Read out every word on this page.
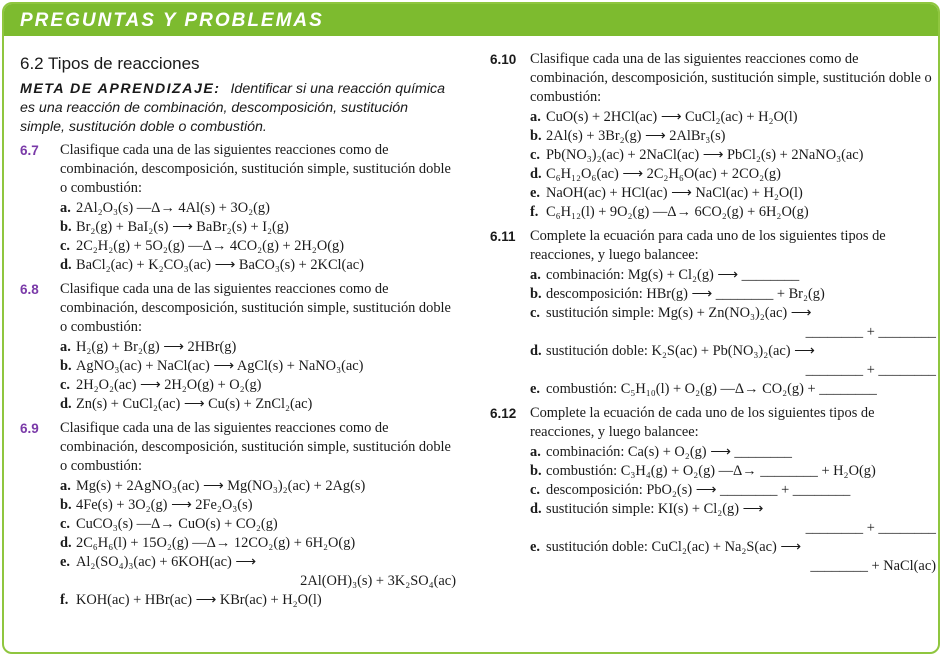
PREGUNTAS Y PROBLEMAS
6.2 Tipos de reacciones
META DE APRENDIZAJE: Identificar si una reacción química es una reacción de combinación, descomposición, sustitución simple, sustitución doble o combustión.
6.7 Clasifique cada una de las siguientes reacciones como de combinación, descomposición, sustitución simple, sustitución doble o combustión:
a. 2Al₂O₃(s) —Δ→ 4Al(s) + 3O₂(g)
b. Br₂(g) + BaI₂(s) ⟶ BaBr₂(s) + I₂(g)
c. 2C₂H₂(g) + 5O₂(g) —Δ→ 4CO₂(g) + 2H₂O(g)
d. BaCl₂(ac) + K₂CO₃(ac) ⟶ BaCO₃(s) + 2KCl(ac)
6.8 Clasifique cada una de las siguientes reacciones como de combinación, descomposición, sustitución simple, sustitución doble o combustión:
a. H₂(g) + Br₂(g) ⟶ 2HBr(g)
b. AgNO₃(ac) + NaCl(ac) ⟶ AgCl(s) + NaNO₃(ac)
c. 2H₂O₂(ac) ⟶ 2H₂O(g) + O₂(g)
d. Zn(s) + CuCl₂(ac) ⟶ Cu(s) + ZnCl₂(ac)
6.9 Clasifique cada una de las siguientes reacciones como de combinación, descomposición, sustitución simple, sustitución doble o combustión:
a. Mg(s) + 2AgNO₃(ac) ⟶ Mg(NO₃)₂(ac) + 2Ag(s)
b. 4Fe(s) + 3O₂(g) ⟶ 2Fe₂O₃(s)
c. CuCO₃(s) —Δ→ CuO(s) + CO₂(g)
d. 2C₆H₆(l) + 15O₂(g) —Δ→ 12CO₂(g) + 6H₂O(g)
e. Al₂(SO₄)₃(ac) + 6KOH(ac) ⟶
2Al(OH)₃(s) + 3K₂SO₄(ac)
f. KOH(ac) + HBr(ac) ⟶ KBr(ac) + H₂O(l)
6.10 Clasifique cada una de las siguientes reacciones como de combinación, descomposición, sustitución simple, sustitución doble o combustión:
a. CuO(s) + 2HCl(ac) ⟶ CuCl₂(ac) + H₂O(l)
b. 2Al(s) + 3Br₂(g) ⟶ 2AlBr₃(s)
c. Pb(NO₃)₂(ac) + 2NaCl(ac) ⟶ PbCl₂(s) + 2NaNO₃(ac)
d. C₆H₁₂O₆(ac) ⟶ 2C₂H₆O(ac) + 2CO₂(g)
e. NaOH(ac) + HCl(ac) ⟶ NaCl(ac) + H₂O(l)
f. C₆H₁₂(l) + 9O₂(g) —Δ→ 6CO₂(g) + 6H₂O(g)
6.11 Complete la ecuación para cada uno de los siguientes tipos de reacciones, y luego balancee:
a. combinación: Mg(s) + Cl₂(g) ⟶ ________
b. descomposición: HBr(g) ⟶ ________ + Br₂(g)
c. sustitución simple: Mg(s) + Zn(NO₃)₂(ac) ⟶
________ + ________
d. sustitución doble: K₂S(ac) + Pb(NO₃)₂(ac) ⟶
________ + ________
e. combustión: C₅H₁₀(l) + O₂(g) —Δ→ CO₂(g) + ________
6.12 Complete la ecuación de cada uno de los siguientes tipos de reacciones, y luego balancee:
a. combinación: Ca(s) + O₂(g) ⟶ ________
b. combustión: C₃H₄(g) + O₂(g) —Δ→ ________ + H₂O(g)
c. descomposición: PbO₂(s) ⟶ ________ + ________
d. sustitución simple: KI(s) + Cl₂(g) ⟶
________ + ________
e. sustitución doble: CuCl₂(ac) + Na₂S(ac) ⟶
________ + NaCl(ac)
